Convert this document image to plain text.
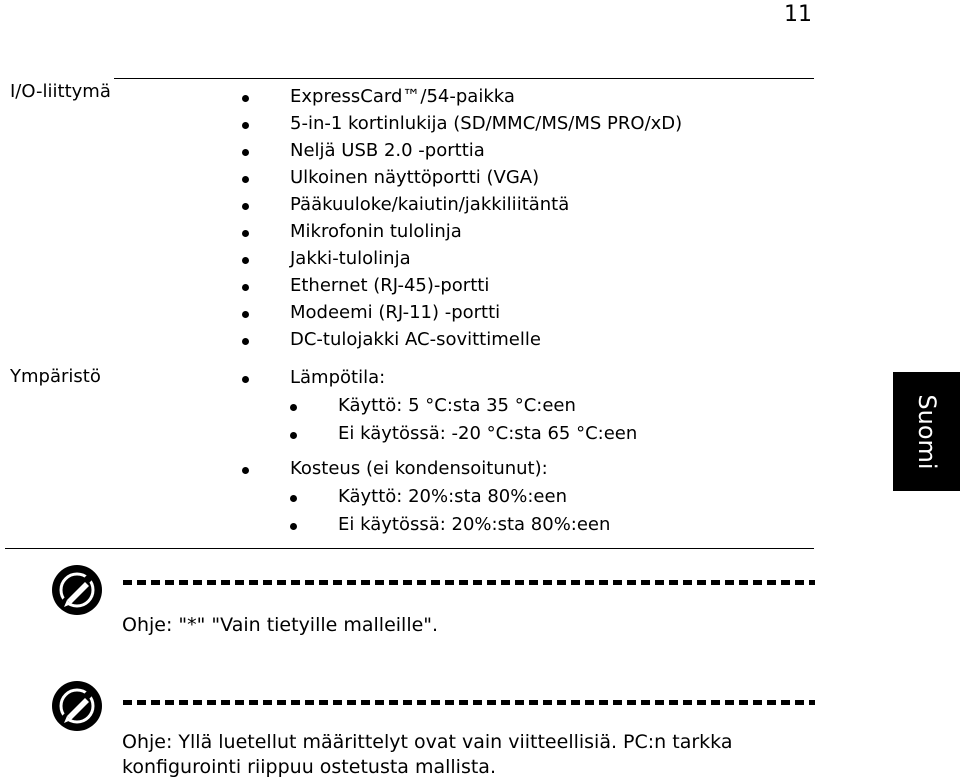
11
I/O-liittymä	ExpressCard™/54-paikka
5-in-1 kortinlukija (SD/MMC/MS/MS PRO/xD)
Neljä USB 2.0 -porttia
Ulkoinen näyttöportti (VGA)
Pääkuuloke/kaiutin/jakkiliitäntä
Mikrofonin tulolinja
Jakki-tulolinja
Ethernet (RJ-45)-portti
Modeemi (RJ-11) -portti
DC-tulojakki AC-sovittimelle
Ympäristö	Lämpötila:
Käyttö: 5 °C:sta 35 °C:een
Ei käytössä: -20 °C:sta 65 °C:een
Kosteus (ei kondensoitunut):
Käyttö: 20%:sta 80%:een
Ei käytössä: 20%:sta 80%:een
Suomi
Ohje: "*" "Vain tietyille malleille".
Ohje: Yllä luetellut määrittelyt ovat vain viitteellisiä. PC:n tarkka konfigurointi riippuu ostetusta mallista.
